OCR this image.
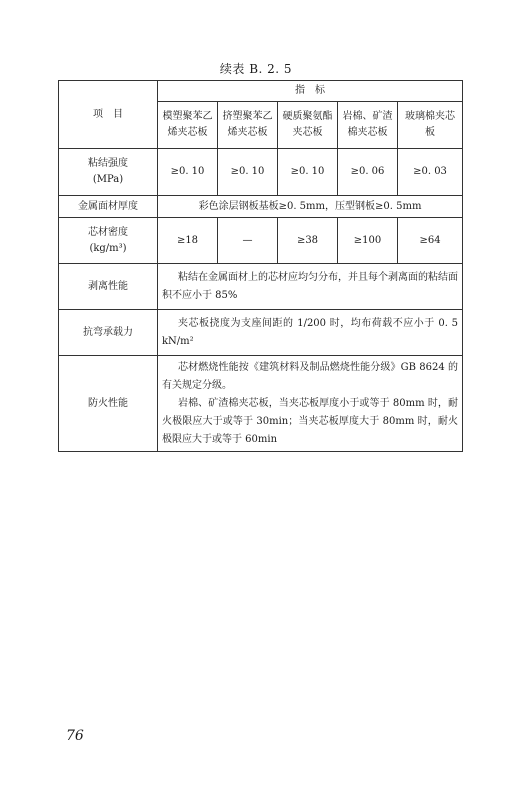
续表 B. 2. 5
项　目	指　标				
	模塑聚苯乙烯夹芯板	挤塑聚苯乙烯夹芯板	硬质聚氨酯夹芯板	岩棉、矿渣棉夹芯板	玻璃棉夹芯板

粘结强度
(MPa)	≥0. 10	≥0. 10	≥0. 10	≥0. 06	≥0. 03
金属面材厚度	彩色涂层钢板基板≥0. 5mm，压型钢板≥0. 5mm				

芯材密度
(kg/m³)	≥18	—	≥38	≥100	≥64
剥离性能	粘结在金属面材上的芯材应均匀分布，并且每个剥离面的粘结面积不应小于 85%				

抗弯承载力	夹芯板挠度为支座间距的 1/200 时，均布荷载不应小于 0. 5 kN/m²				

防火性能	芯材燃烧性能按《建筑材料及制品燃烧性能分级》GB 8624 的有关规定分级。
岩棉、矿渣棉夹芯板，当夹芯板厚度小于或等于 80mm 时，耐火极限应大于或等于 30min；当夹芯板厚度大于 80mm 时，耐火极限应大于或等于 60min				
76
